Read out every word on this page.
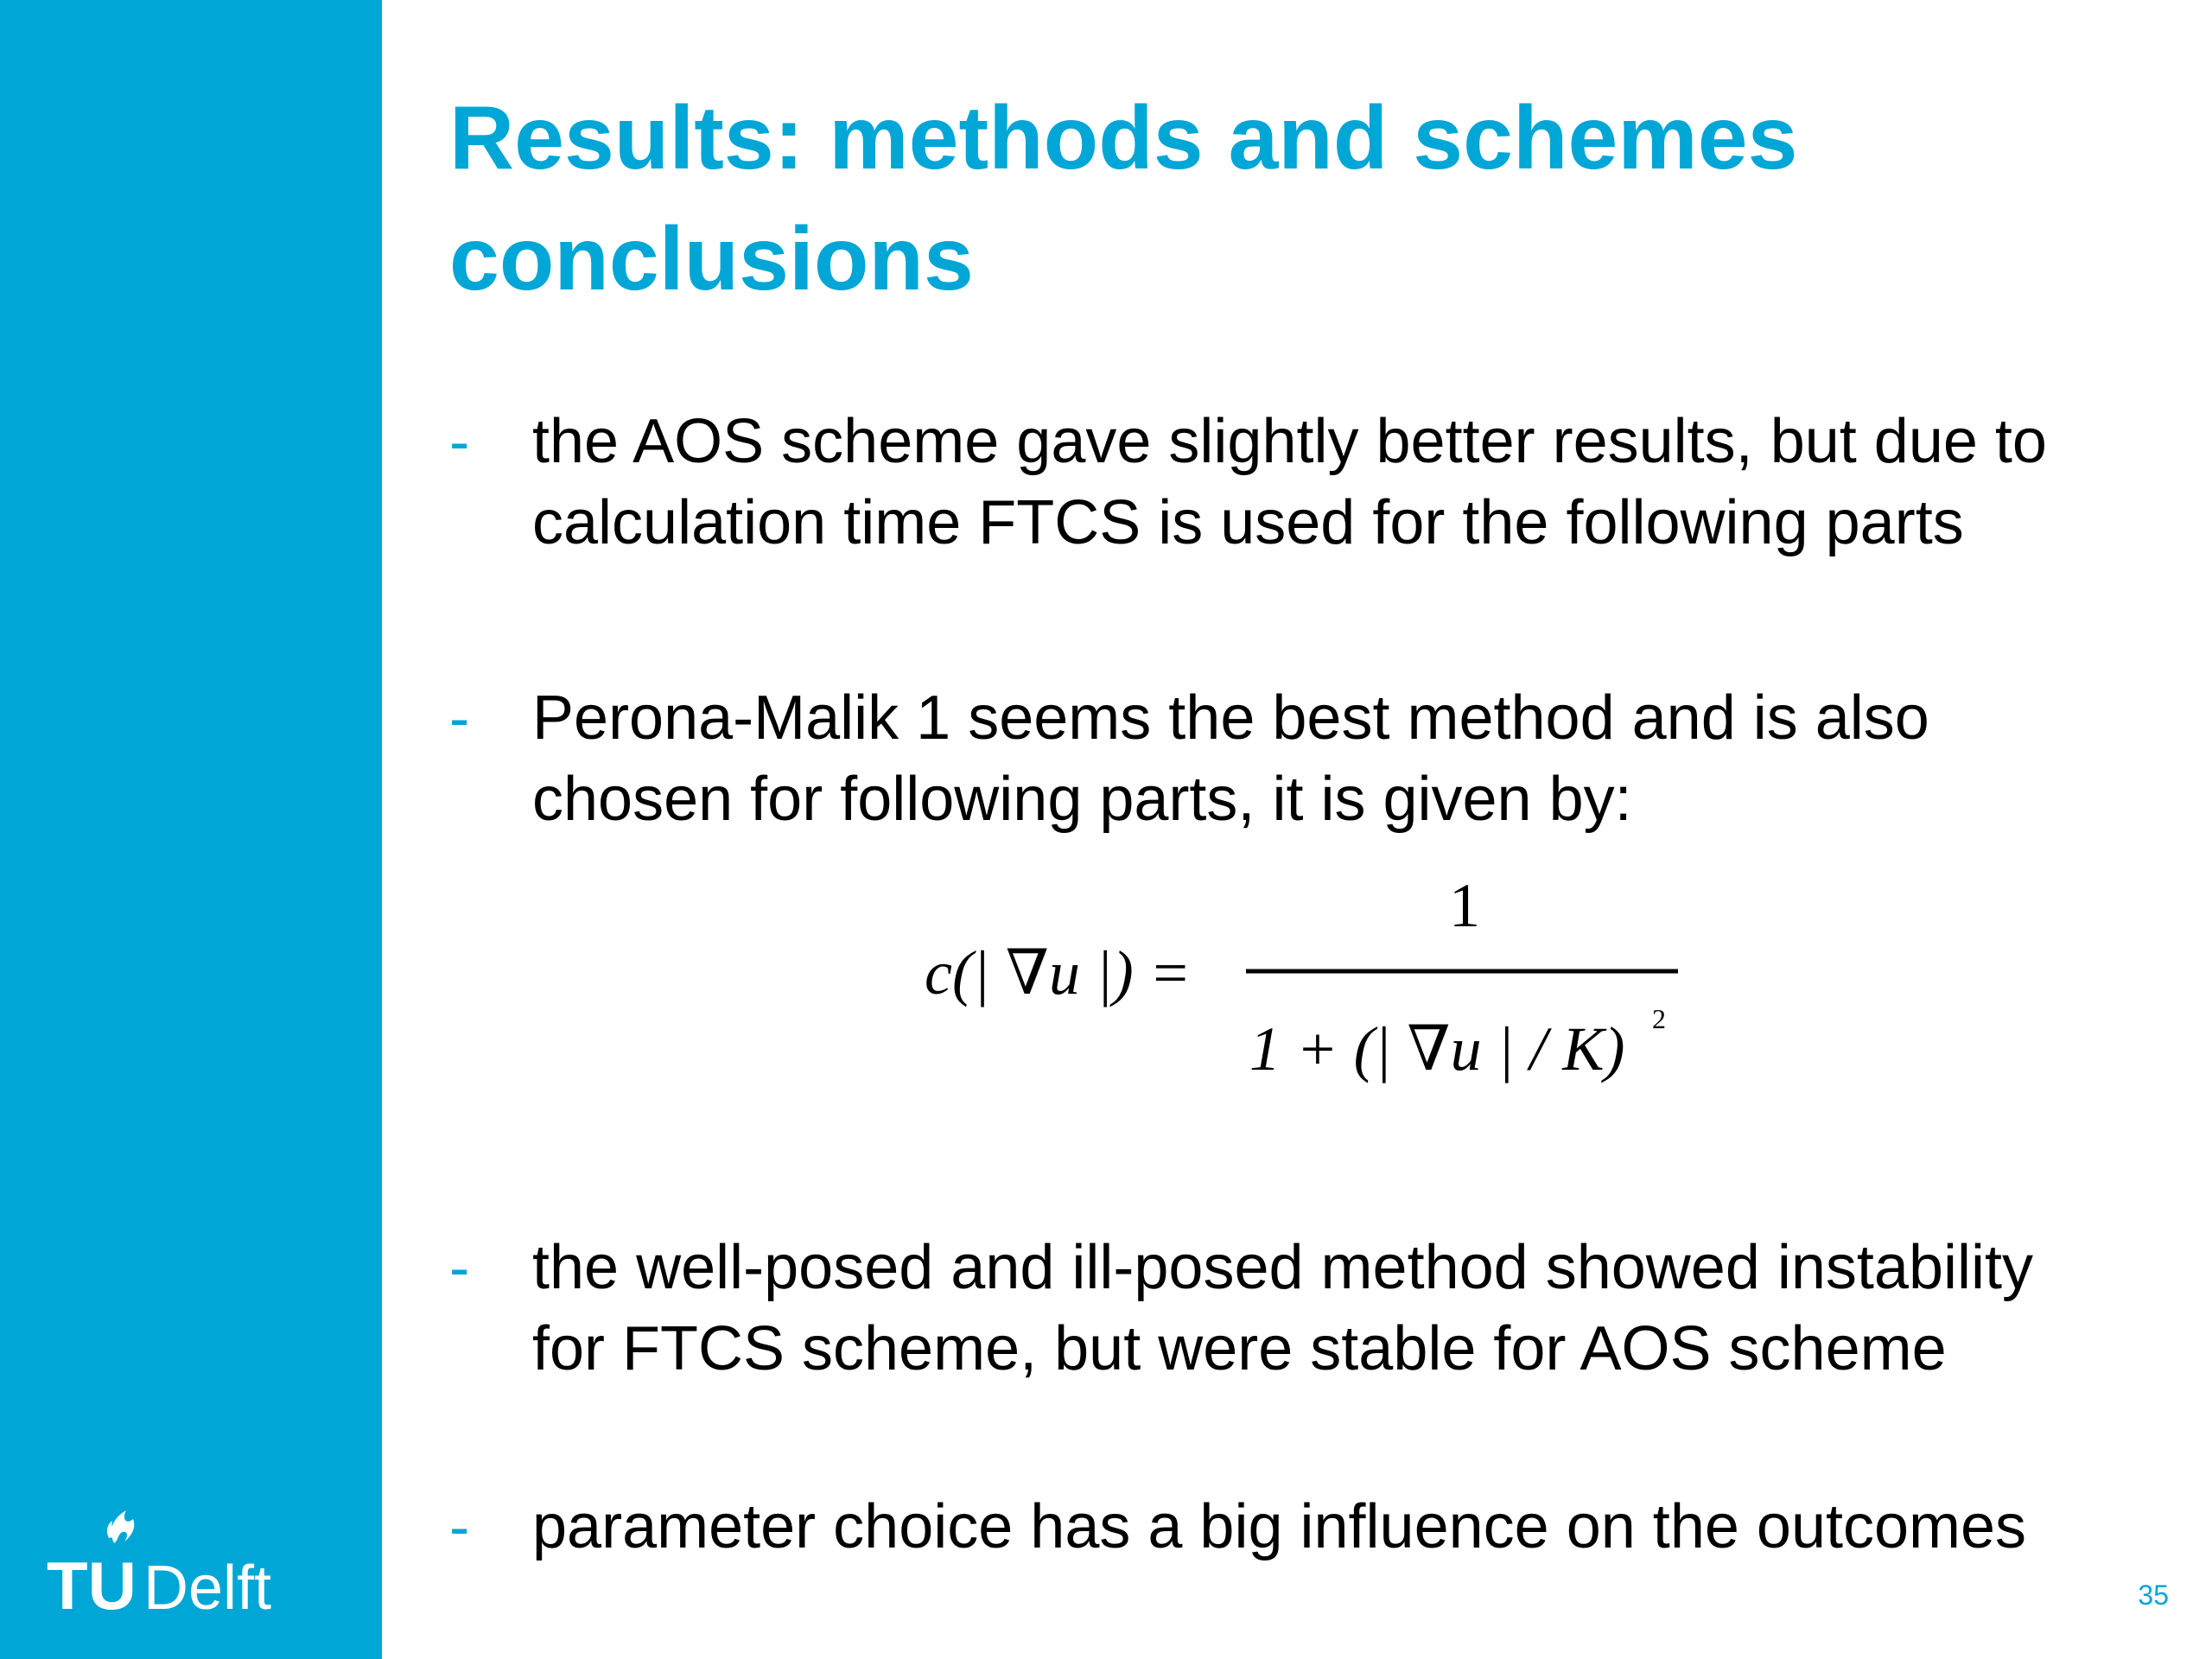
TU Delft
Results: methods and schemes
conclusions
- the AOS scheme gave slightly better results, but due to
calculation time FTCS is used for the following parts
- Perona-Malik 1 seems the best method and is also
chosen for following parts, it is given by:
c(| ∇u |) =
1
1 + (| ∇u | / K) 2
- the well-posed and ill-posed method showed instability
for FTCS scheme, but were stable for AOS scheme
- parameter choice has a big influence on the outcomes
35
